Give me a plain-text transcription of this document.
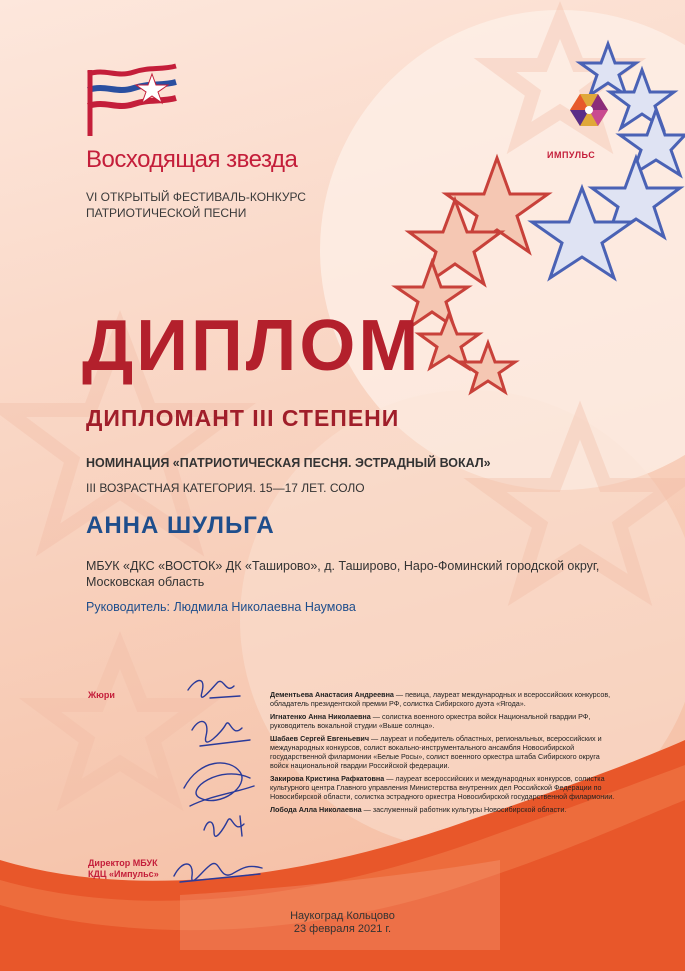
ИМПУЛЬС
Восходящая звезда
VI ОТКРЫТЫЙ ФЕСТИВАЛЬ-КОНКУРС
ПАТРИОТИЧЕСКОЙ ПЕСНИ
ДИПЛОМ
ДИПЛОМАНТ III СТЕПЕНИ
НОМИНАЦИЯ «ПАТРИОТИЧЕСКАЯ ПЕСНЯ. ЭСТРАДНЫЙ ВОКАЛ»
III ВОЗРАСТНАЯ КАТЕГОРИЯ. 15—17 ЛЕТ. СОЛО
АННА ШУЛЬГА
МБУК «ДКС «ВОСТОК» ДК «Таширово», д. Таширово, Наро-Фоминский городской округ, Московская область
Руководитель: Людмила Николаевна Наумова
Жюри
Директор МБУК
КДЦ «Импульс»
Дементьева Анастасия Андреевна — певица, лауреат международных и всероссийских конкурсов, обладатель президентской премии РФ, солистка Сибирского дуэта «Ягода».
Игнатенко Анна Николаевна — солистка военного оркестра войск Национальной гвардии РФ, руководитель вокальной студии «Выше солнца».
Шабаев Сергей Евгеньевич — лауреат и победитель областных, региональных, всероссийских и международных конкурсов, солист вокально-инструментального ансамбля Новосибирской государственной филармонии «Белые Росы», солист военного оркестра штаба Сибирского округа войск национальной гвардии Российской федерации.
Закирова Кристина Рафкатовна — лауреат всероссийских и международных конкурсов, солистка культурного центра Главного управления Министерства внутренних дел Российской Федерации по Новосибирской области, солистка эстрадного оркестра Новосибирской государственной филармонии.
Лобода Алла Николаевна — заслуженный работник культуры Новосибирской области.
Наукоград Кольцово
23 февраля 2021 г.
